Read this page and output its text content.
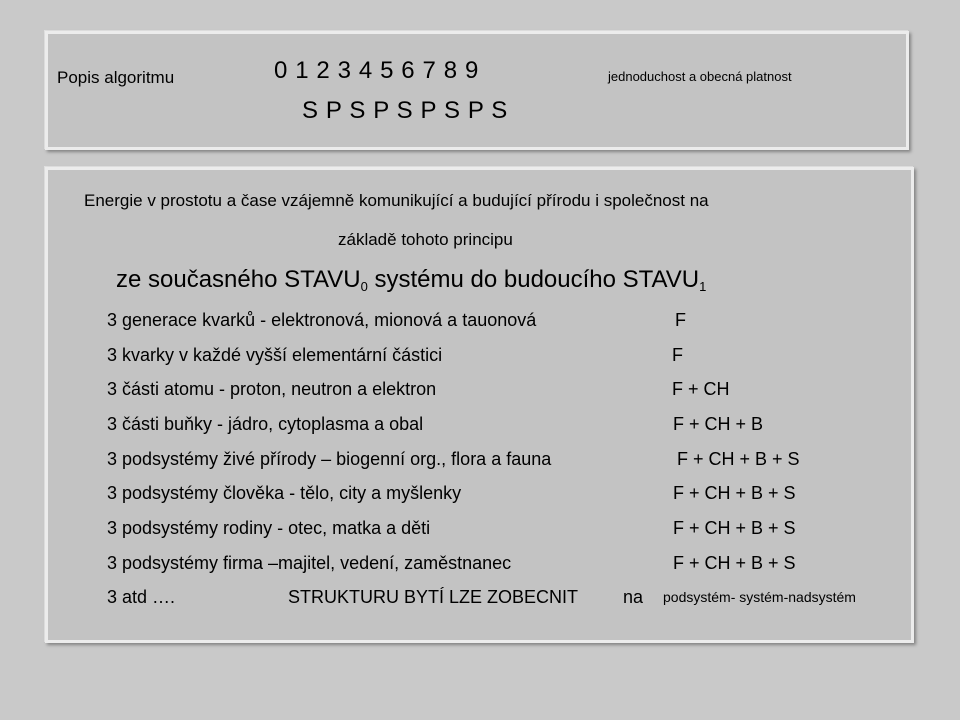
Popis algoritmu	0 1 2 3 4 5 6 7 8 9
S P S P S P S P S
jednoduchost a obecná platnost
Energie v prostotu a čase vzájemně komunikující a budující přírodu i společnost na
základě tohoto principu
ze současného $STAVU_0$ systému do budoucího $STAVU_1$
3 generace kvarků - elektronová, mionová a tauonová	F
3 kvarky v každé vyšší elementární částici	F
3 části atomu - proton, neutron a elektron	F + CH
3 části buňky - jádro, cytoplasma a obal	F + CH + B
3 podsystémy živé přírody – biogenní org., flora a fauna	F + CH + B + S
3 podsystémy člověka - tělo, city a myšlenky	F + CH + B + S
3 podsystémy rodiny - otec, matka a děti	F + CH + B + S
3 podsystémy firma –majitel, vedení, zaměstnanec	F + CH + B + S
3 atd ….	STRUKTURU BYTÍ LZE ZOBECNIT na podsystém- systém-nadsystém
